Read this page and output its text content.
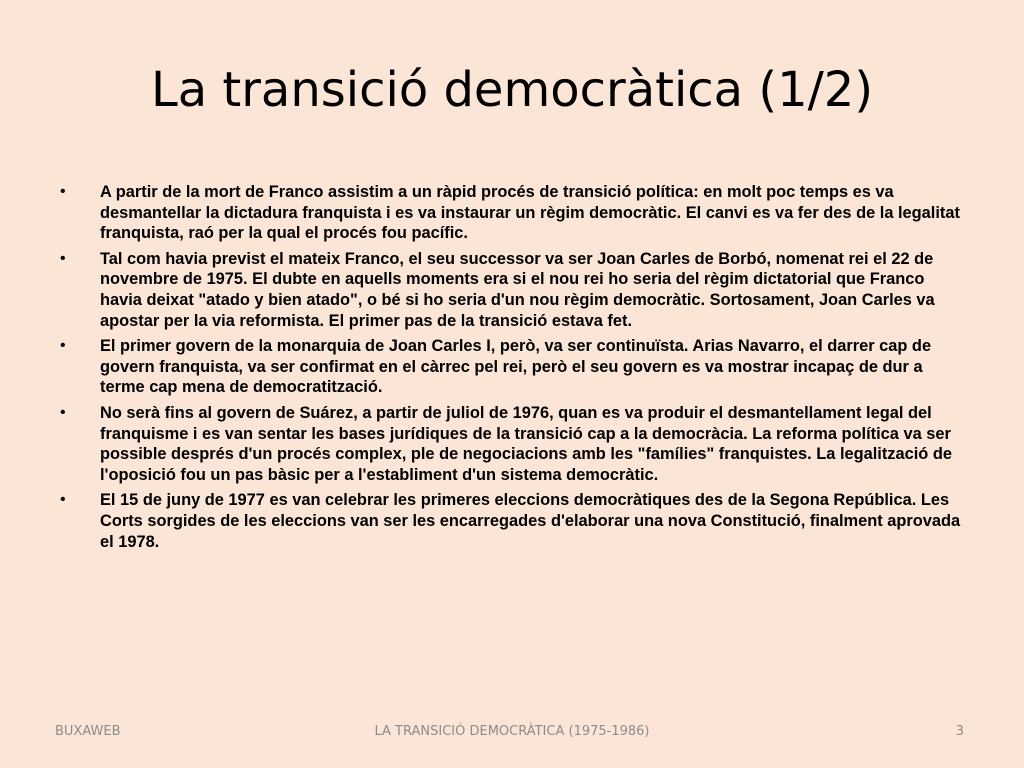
La transició democràtica (1/2)
•	A partir de la mort de Franco assistim a un ràpid procés de transició política: en molt poc temps es va desmantellar la dictadura franquista i es va instaurar un règim democràtic. El canvi es va fer des de la legalitat franquista, raó per la qual el procés fou pacífic.
•	Tal com havia previst el mateix Franco, el seu successor va ser Joan Carles de Borbó, nomenat rei el 22 de novembre de 1975. El dubte en aquells moments era si el nou rei ho seria del règim dictatorial que Franco havia deixat "atado y bien atado", o bé si ho seria d'un nou règim democràtic. Sortosament, Joan Carles va apostar per la via reformista. El primer pas de la transició estava fet.
•	El primer govern de la monarquia de Joan Carles I, però, va ser continuïsta. Arias Navarro, el darrer cap de govern franquista, va ser confirmat en el càrrec pel rei, però el seu govern es va mostrar incapaç de dur a terme cap mena de democratització.
•	No serà fins al govern de Suárez, a partir de juliol de 1976, quan es va produir el desmantellament legal del franquisme i es van sentar les bases jurídiques de la transició cap a la democràcia. La reforma política va ser possible després d'un procés complex, ple de negociacions amb les "famílies" franquistes. La legalització de l'oposició fou un pas bàsic per a l'establiment d'un sistema democràtic.
•	El 15 de juny de 1977 es van celebrar les primeres eleccions democràtiques des de la Segona República. Les Corts sorgides de les eleccions van ser les encarregades d'elaborar una nova Constitució, finalment aprovada el 1978.
LA TRANSICIÓ DEMOCRÀTICA (1975-1986)
BUXAWEB	3
